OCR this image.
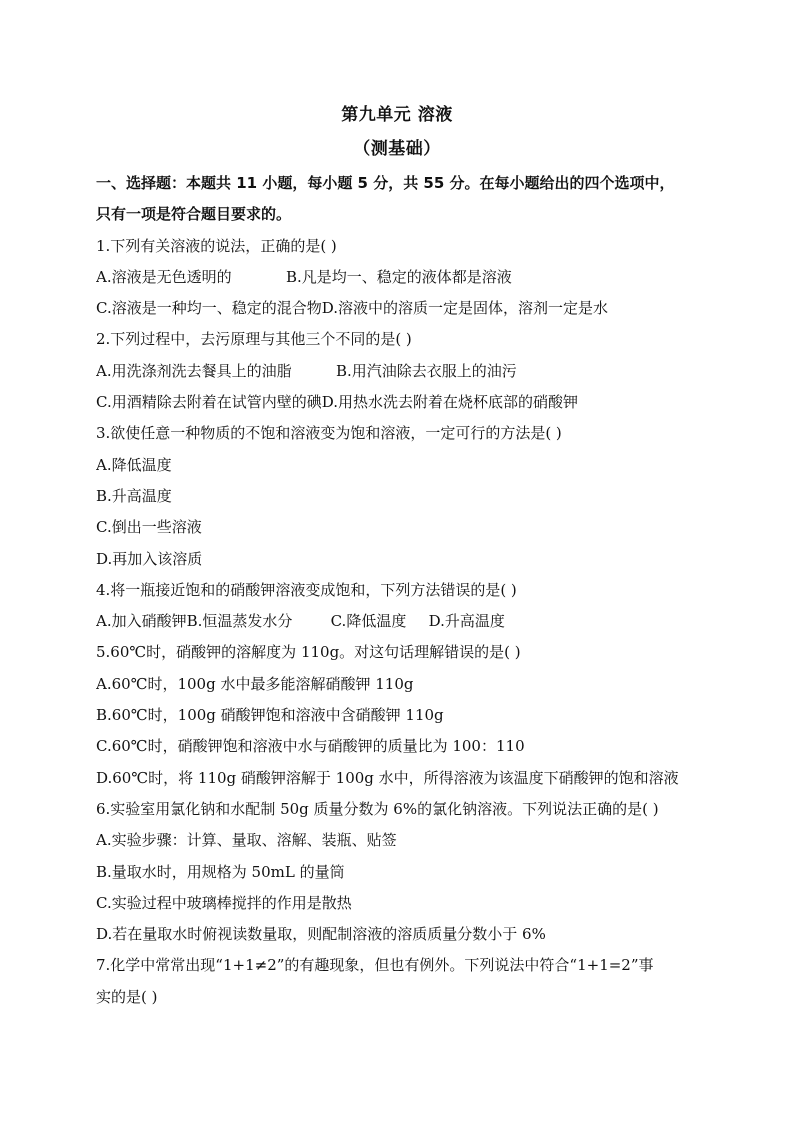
第九单元 溶液
（测基础）
一、选择题：本题共 11 小题，每小题 5 分，共 55 分。在每小题给出的四个选项中，
只有一项是符合题目要求的。
1.下列有关溶液的说法，正确的是( )
A.溶液是无色透明的	B.凡是均一、稳定的液体都是溶液
C.溶液是一种均一、稳定的混合物D.溶液中的溶质一定是固体，溶剂一定是水
2.下列过程中，去污原理与其他三个不同的是( )
A.用洗涤剂洗去餐具上的油脂	B.用汽油除去衣服上的油污
C.用酒精除去附着在试管内壁的碘D.用热水洗去附着在烧杯底部的硝酸钾
3.欲使任意一种物质的不饱和溶液变为饱和溶液，一定可行的方法是( )
A.降低温度
B.升高温度
C.倒出一些溶液
D.再加入该溶质
4.将一瓶接近饱和的硝酸钾溶液变成饱和，下列方法错误的是( )
A.加入硝酸钾B.恒温蒸发水分	C.降低温度 D.升高温度
5.60℃时，硝酸钾的溶解度为 110g。对这句话理解错误的是( )
A.60℃时，100g 水中最多能溶解硝酸钾 110g
B.60℃时，100g 硝酸钾饱和溶液中含硝酸钾 110g
C.60℃时，硝酸钾饱和溶液中水与硝酸钾的质量比为 100：110
D.60℃时，将 110g 硝酸钾溶解于 100g 水中，所得溶液为该温度下硝酸钾的饱和溶液
6.实验室用氯化钠和水配制 50g 质量分数为 6%的氯化钠溶液。下列说法正确的是( )
A.实验步骤：计算、量取、溶解、装瓶、贴签
B.量取水时，用规格为 50mL 的量筒
C.实验过程中玻璃棒搅拌的作用是散热
D.若在量取水时俯视读数量取，则配制溶液的溶质质量分数小于 6%
7.化学中常常出现“1+1≠2”的有趣现象，但也有例外。下列说法中符合“1+1=2”事
实的是( )
